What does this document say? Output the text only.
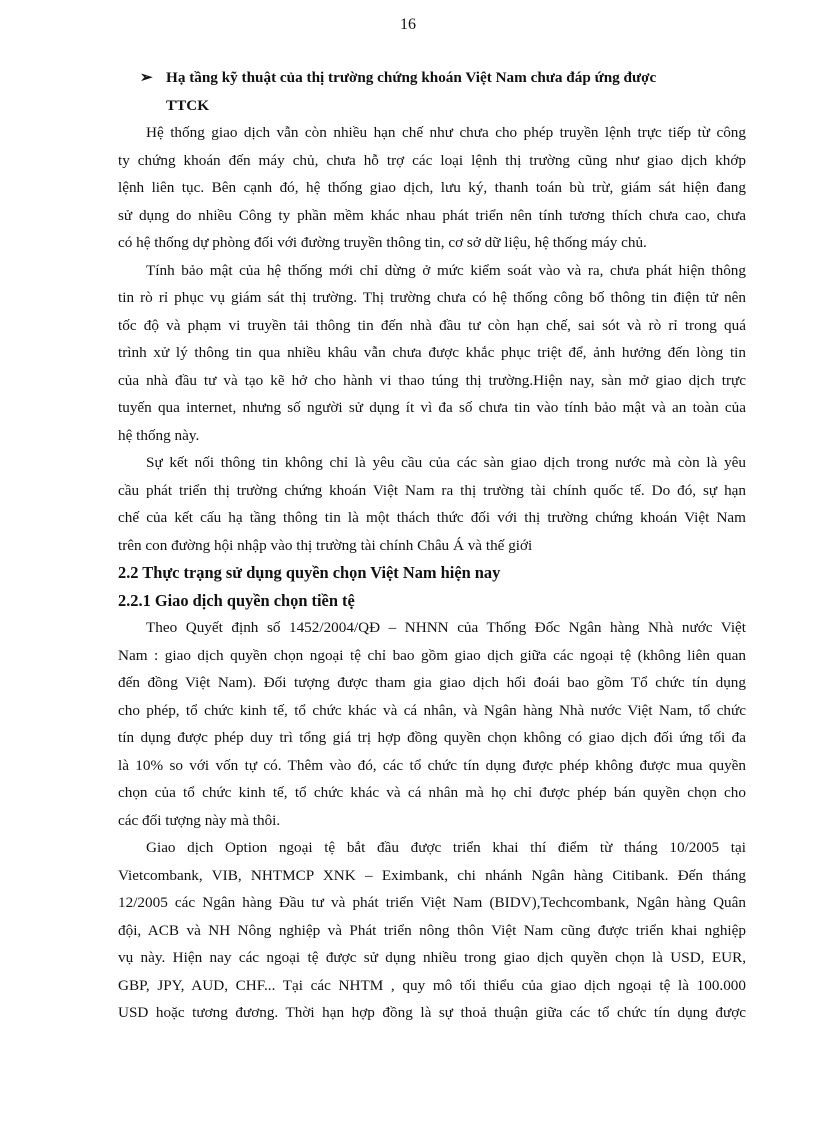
16
➢ Hạ tầng kỹ thuật của thị trường chứng khoán Việt Nam chưa đáp ứng được
TTCK
Hệ thống giao dịch vẫn còn nhiều hạn chế như chưa cho phép truyền lệnh trực tiếp từ công
ty chứng khoán đến máy chủ, chưa hỗ trợ các loại lệnh thị trường cũng như giao dịch khớp
lệnh liên tục. Bên cạnh đó, hệ thống giao dịch, lưu ký, thanh toán bù trừ, giám sát hiện đang
sử dụng do nhiều Công ty phần mềm khác nhau phát triển nên tính tương thích chưa cao, chưa
có hệ thống dự phòng đối với đường truyền thông tin, cơ sở dữ liệu, hệ thống máy chủ.
Tính bảo mật của hệ thống mới chỉ dừng ở mức kiểm soát vào và ra, chưa phát hiện thông
tin rò rỉ phục vụ giám sát thị trường. Thị trường chưa có hệ thống công bố thông tin điện tử nên
tốc độ và phạm vi truyền tải thông tin đến nhà đầu tư còn hạn chế, sai sót và rò rỉ trong quá
trình xử lý thông tin qua nhiều khâu vẫn chưa được khắc phục triệt để, ảnh hưởng đến lòng tin
của nhà đầu tư và tạo kẽ hở cho hành vi thao túng thị trường.Hiện nay, sàn mở giao dịch trực
tuyến qua internet, nhưng số người sử dụng ít vì đa số chưa tin vào tính bảo mật và an toàn của
hệ thống này.
Sự kết nối thông tin không chỉ là yêu cầu của các sàn giao dịch trong nước mà còn là yêu
cầu phát triển thị trường chứng khoán Việt Nam ra thị trường tài chính quốc tế. Do đó, sự hạn
chế của kết cấu hạ tầng thông tin là một thách thức đối với thị trường chứng khoán Việt Nam
trên con đường hội nhập vào thị trường tài chính Châu Á và thế giới
2.2 Thực trạng sử dụng quyền chọn Việt Nam hiện nay
2.2.1 Giao dịch quyền chọn tiền tệ
Theo Quyết định số 1452/2004/QĐ – NHNN của Thống Đốc Ngân hàng Nhà nước Việt
Nam : giao dịch quyền chọn ngoại tệ chỉ bao gồm giao dịch giữa các ngoại tệ (không liên quan
đến đồng Việt Nam). Đối tượng được tham gia giao dịch hối đoái bao gồm Tổ chức tín dụng
cho phép, tổ chức kinh tế, tổ chức khác và cá nhân, và Ngân hàng Nhà nước Việt Nam, tổ chức
tín dụng được phép duy trì tổng giá trị hợp đồng quyền chọn không có giao dịch đối ứng tối đa
là 10% so với vốn tự có. Thêm vào đó, các tổ chức tín dụng được phép không được mua quyền
chọn của tổ chức kinh tế, tổ chức khác và cá nhân mà họ chỉ được phép bán quyền chọn cho
các đối tượng này mà thôi.
Giao dịch Option ngoại tệ bắt đầu được triển khai thí điểm từ tháng 10/2005 tại
Vietcombank, VIB, NHTMCP XNK – Eximbank, chi nhánh Ngân hàng Citibank. Đến tháng
12/2005 các Ngân hàng Đầu tư và phát triển Việt Nam (BIDV),Techcombank, Ngân hàng Quân
đội, ACB và NH Nông nghiệp và Phát triển nông thôn Việt Nam cũng được triển khai nghiệp
vụ này. Hiện nay các ngoại tệ được sử dụng nhiều trong giao dịch quyền chọn là USD, EUR,
GBP, JPY, AUD, CHF... Tại các NHTM , quy mô tối thiểu của giao dịch ngoại tệ là 100.000
USD hoặc tương đương. Thời hạn hợp đồng là sự thoả thuận giữa các tổ chức tín dụng được
